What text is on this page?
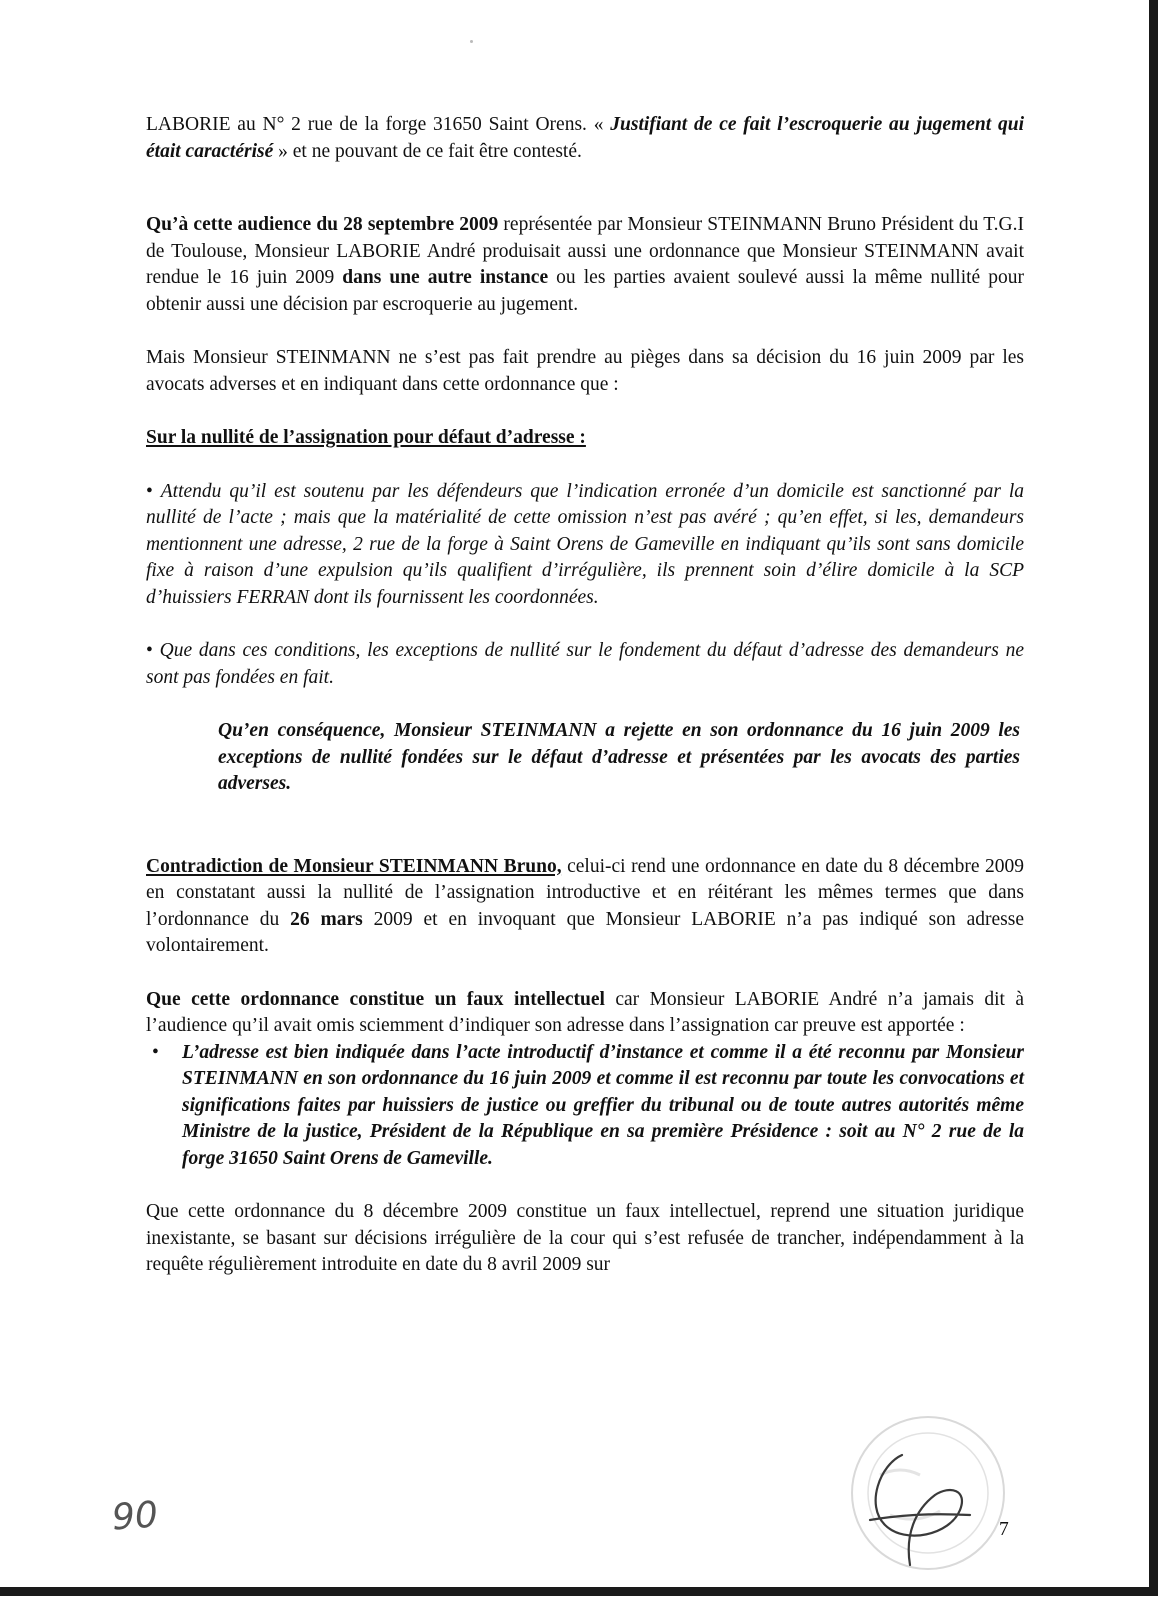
LABORIE au N° 2 rue de la forge 31650 Saint Orens. « Justifiant de ce fait l’escroquerie au jugement qui était caractérisé » et ne pouvant de ce fait être contesté.

Qu’à cette audience du 28 septembre 2009 représentée par Monsieur STEINMANN Bruno Président du T.G.I de Toulouse, Monsieur LABORIE André produisait aussi une ordonnance que Monsieur STEINMANN avait rendue le 16 juin 2009 dans une autre instance ou les parties avaient soulevé aussi la même nullité pour obtenir aussi une décision par escroquerie au jugement.

Mais Monsieur STEINMANN ne s’est pas fait prendre au pièges dans sa décision du 16 juin 2009 par les avocats adverses et en indiquant dans cette ordonnance que :

Sur la nullité de l’assignation pour défaut d’adresse :

• Attendu qu’il est soutenu par les défendeurs que l’indication erronée d’un domicile est sanctionné par la nullité de l’acte ; mais que la matérialité de cette omission n’est pas avéré ; qu’en effet, si les, demandeurs mentionnent une adresse, 2 rue de la forge à Saint Orens de Gameville en indiquant qu’ils sont sans domicile fixe à raison d’une expulsion qu’ils qualifient d’irrégulière, ils prennent soin d’élire domicile à la SCP d’huissiers FERRAN dont ils fournissent les coordonnées.

• Que dans ces conditions, les exceptions de nullité sur le fondement du défaut d’adresse des demandeurs ne sont pas fondées en fait.

Qu’en conséquence, Monsieur STEINMANN a rejette en son ordonnance du 16 juin 2009 les exceptions de nullité fondées sur le défaut d’adresse et présentées par les avocats des parties adverses.

Contradiction de Monsieur STEINMANN Bruno, celui-ci rend une ordonnance en date du 8 décembre 2009 en constatant aussi la nullité de l’assignation introductive et en réitérant les mêmes termes que dans l’ordonnance du 26 mars 2009 et en invoquant que Monsieur LABORIE n’a pas indiqué son adresse volontairement.

Que cette ordonnance constitue un faux intellectuel car Monsieur LABORIE André n’a jamais dit à l’audience qu’il avait omis sciemment d’indiquer son adresse dans l’assignation car preuve est apportée :

• L’adresse est bien indiquée dans l’acte introductif d’instance et comme il a été reconnu par Monsieur STEINMANN en son ordonnance du 16 juin 2009 et comme il est reconnu par toute les convocations et significations faites par huissiers de justice ou greffier du tribunal ou de toute autres autorités même Ministre de la justice, Président de la République en sa première Présidence : soit au N° 2 rue de la forge 31650 Saint Orens de Gameville.

Que cette ordonnance du 8 décembre 2009 constitue un faux intellectuel, reprend une situation juridique inexistante, se basant sur décisions irrégulière de la cour qui s’est refusée de trancher, indépendamment à la requête régulièrement introduite en date du 8 avril 2009 sur

90	7
